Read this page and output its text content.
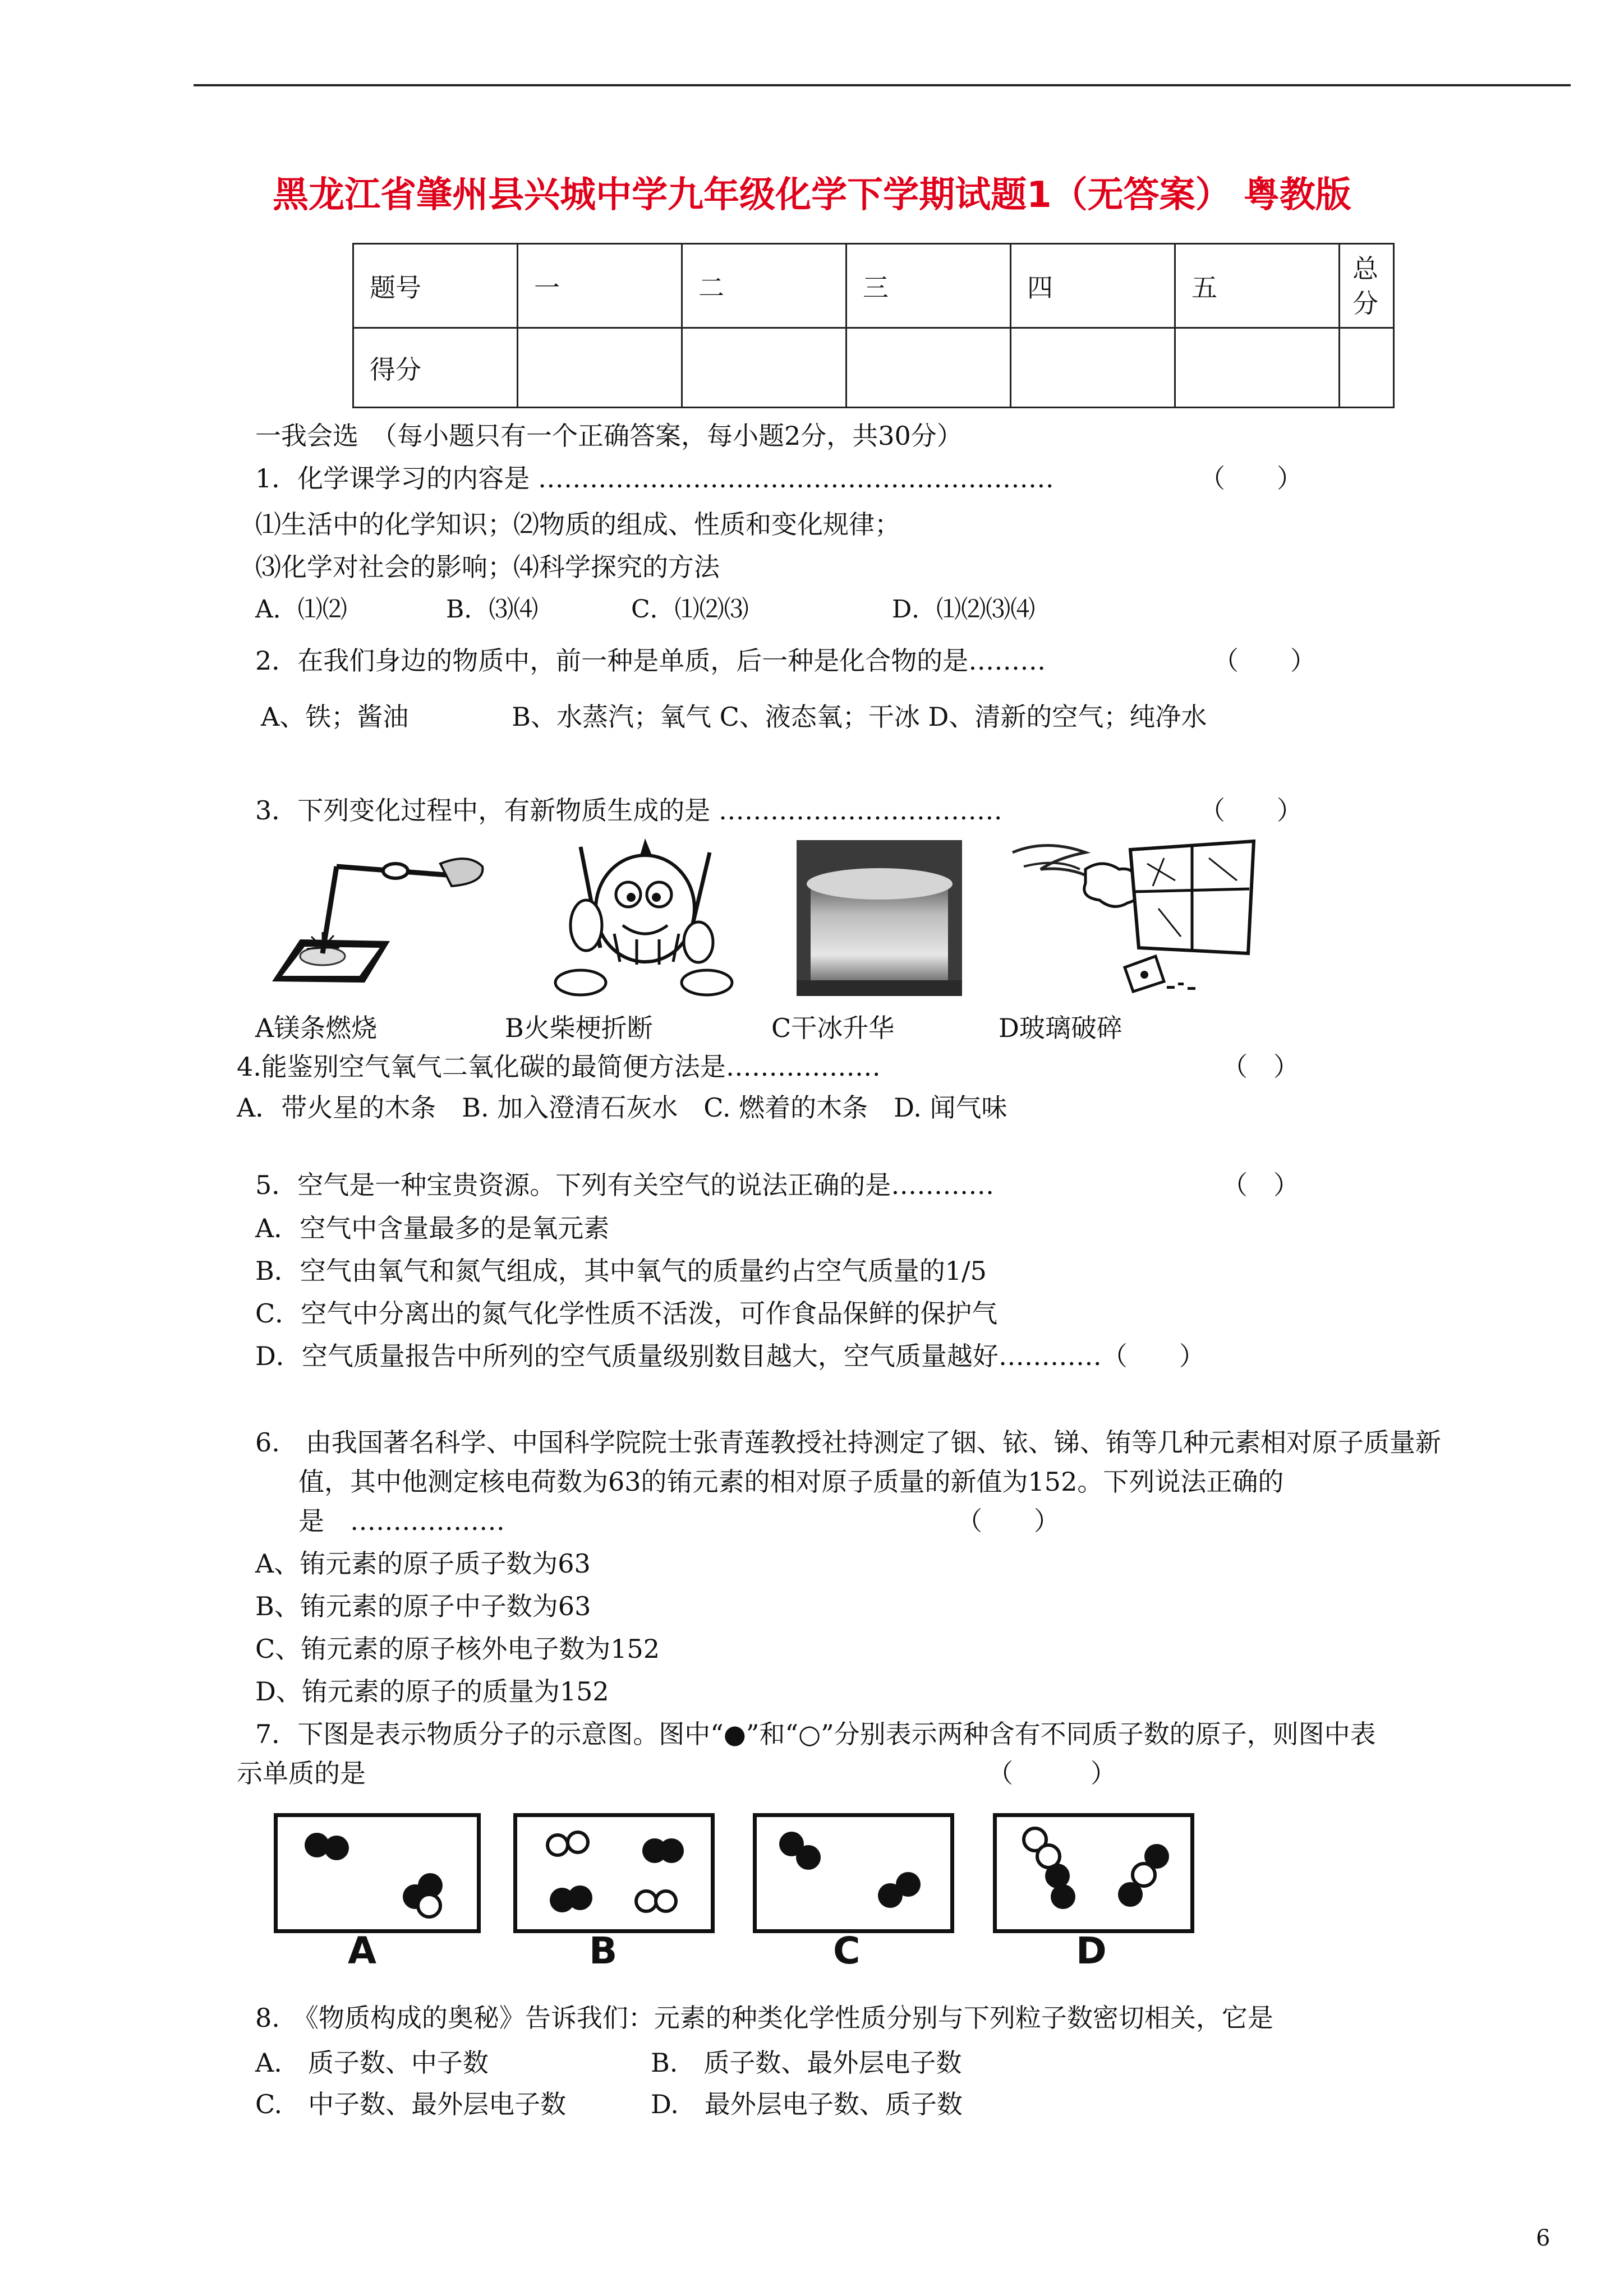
黑龙江省肇州县兴城中学九年级化学下学期试题1（无答案） 粤教版
题号	一	二	三	四	五	总分
得分						
一我会选　（每小题只有一个正确答案，每小题2分，共30分）
1．化学课学习的内容是 ……………………………………………………	（　　）
⑴生活中的化学知识；⑵物质的组成、性质和变化规律；
⑶化学对社会的影响；⑷科学探究的方法
A．⑴⑵	B．⑶⑷	C．⑴⑵⑶	D．⑴⑵⑶⑷
2．在我们身边的物质中，前一种是单质，后一种是化合物的是………	（　　）
A、铁；酱油　　　　B、水蒸汽；氧气 C、液态氧；干冰 D、清新的空气；纯净水
3．下列变化过程中，有新物质生成的是 ……………………………	（　　）
A镁条燃烧	B火柴梗折断	C干冰升华	D玻璃破碎
4.能鉴别空气氧气二氧化碳的最简便方法是………………	（　）
A．带火星的木条　B. 加入澄清石灰水　C. 燃着的木条　D. 闻气味
5．空气是一种宝贵资源。下列有关空气的说法正确的是…………	（　）
A．空气中含量最多的是氧元素
B．空气由氧气和氮气组成，其中氧气的质量约占空气质量的1/5
C．空气中分离出的氮气化学性质不活泼，可作食品保鲜的保护气
D．空气质量报告中所列的空气质量级别数目越大，空气质量越好…………（　　）
6.　由我国著名科学、中国科学院院士张青莲教授社持测定了铟、铱、锑、铕等几种元素相对原子质量新
值，其中他测定核电荷数为63的铕元素的相对原子质量的新值为152。下列说法正确的
是　………………	（　　）
A、铕元素的原子质子数为63
B、铕元素的原子中子数为63
C、铕元素的原子核外电子数为152
D、铕元素的原子的质量为152
7．下图是表示物质分子的示意图。图中“●”和“○”分别表示两种含有不同质子数的原子，则图中表
示单质的是	（　　　）
A	B	C	D
8.　《物质构成的奥秘》告诉我们：元素的种类化学性质分别与下列粒子数密切相关，它是
A.　质子数、中子数	B.　质子数、最外层电子数
C.　中子数、最外层电子数	D.　最外层电子数、质子数
6
